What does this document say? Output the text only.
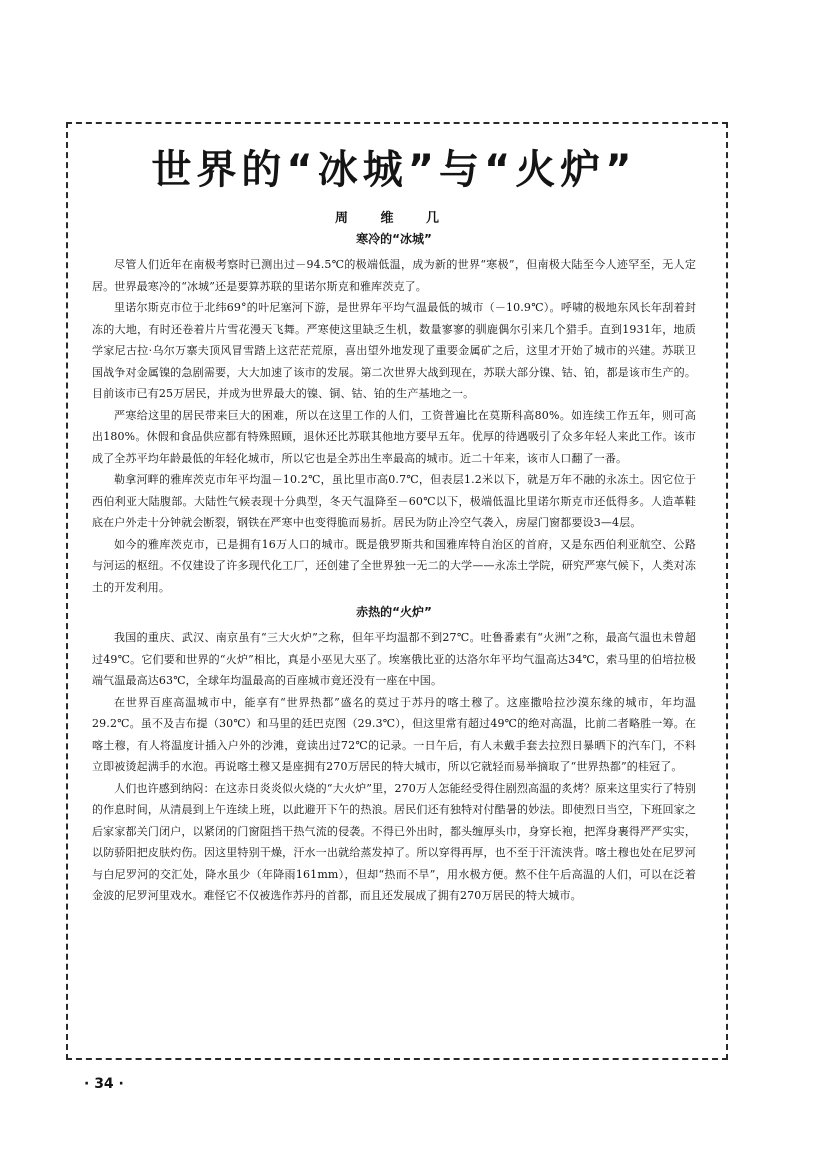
世界的“冰城”与“火炉”
周 维 几
寒冷的“冰城”

尽管人们近年在南极考察时已测出过－94.5℃的极端低温，成为新的世界“寒极”，但南极大陆至今人迹罕至，无人定居。世界最寒冷的“冰城”还是要算苏联的里诺尔斯克和雅库茨克了。

里诺尔斯克市位于北纬69°的叶尼塞河下游，是世界年平均气温最低的城市（－10.9℃）。呼啸的极地东风长年刮着封冻的大地，有时还卷着片片雪花漫天飞舞。严寒使这里缺乏生机，数量寥寥的驯鹿偶尔引来几个猎手。直到1931年，地质学家尼古拉·乌尔万寨夫顶风冒雪踏上这茫茫荒原，喜出望外地发现了重要金属矿之后，这里才开始了城市的兴建。苏联卫国战争对金属镍的急剧需要，大大加速了该市的发展。第二次世界大战到现在，苏联大部分镍、钴、铂，都是该市生产的。目前该市已有25万居民，并成为世界最大的镍、铜、钴、铂的生产基地之一。

严寒给这里的居民带来巨大的困难，所以在这里工作的人们，工资普遍比在莫斯科高80%。如连续工作五年，则可高出180%。休假和食品供应都有特殊照顾，退休还比苏联其他地方要早五年。优厚的待遇吸引了众多年轻人来此工作。该市成了全苏平均年龄最低的年轻化城市，所以它也是全苏出生率最高的城市。近二十年来，该市人口翻了一番。

勒拿河畔的雅库茨克市年平均温－10.2℃，虽比里市高0.7℃，但表层1.2米以下，就是万年不融的永冻土。因它位于西伯利亚大陆腹部。大陆性气候表现十分典型，冬天气温降至－60℃以下，极端低温比里诺尔斯克市还低得多。人造革鞋底在户外走十分钟就会断裂，钢铁在严寒中也变得脆而易折。居民为防止冷空气袭入，房屋门窗都要设3—4层。

如今的雅库茨克市，已是拥有16万人口的城市。既是俄罗斯共和国雅库特自治区的首府，又是东西伯利亚航空、公路与河运的枢纽。不仅建设了许多现代化工厂，还创建了全世界独一无二的大学——永冻土学院，研究严寒气候下，人类对冻土的开发利用。

赤热的“火炉”

我国的重庆、武汉、南京虽有“三大火炉”之称，但年平均温都不到27℃。吐鲁番素有“火洲”之称，最高气温也未曾超过49℃。它们要和世界的“火炉”相比，真是小巫见大巫了。埃塞俄比亚的达洛尔年平均气温高达34℃，索马里的伯培拉极端气温最高达63℃，全球年均温最高的百座城市竟还没有一座在中国。

在世界百座高温城市中，能享有“世界热都”盛名的莫过于苏丹的喀土穆了。这座撒哈拉沙漠东缘的城市，年均温29.2℃。虽不及吉布提（30℃）和马里的廷巴克图（29.3℃），但这里常有超过49℃的绝对高温，比前二者略胜一筹。在喀土穆，有人将温度计插入户外的沙滩，竟读出过72℃的记录。一日午后，有人未戴手套去拉烈日暴晒下的汽车门，不料立即被烫起满手的水泡。再说喀土穆又是座拥有270万居民的特大城市，所以它就轻而易举摘取了“世界热都”的桂冠了。

人们也许感到纳闷：在这赤日炎炎似火烧的“大火炉”里，270万人怎能经受得住剧烈高温的炙烤？原来这里实行了特别的作息时间，从清晨到上午连续上班，以此避开下午的热浪。居民们还有独特对付酷暑的妙法。即使烈日当空，下班回家之后家家都关门闭户，以紧闭的门窗阻挡干热气流的侵袭。不得已外出时，都头缠厚头巾，身穿长袍，把浑身裹得严严实实，以防骄阳把皮肤灼伤。因这里特别干燥，汗水一出就给蒸发掉了。所以穿得再厚，也不至于汗流浃背。喀土穆也处在尼罗河与白尼罗河的交汇处，降水虽少（年降雨161mm），但却“热而不旱”，用水极方便。熬不住午后高温的人们，可以在泛着金波的尼罗河里戏水。难怪它不仅被选作苏丹的首都，而且还发展成了拥有270万居民的特大城市。

· 34 ·
